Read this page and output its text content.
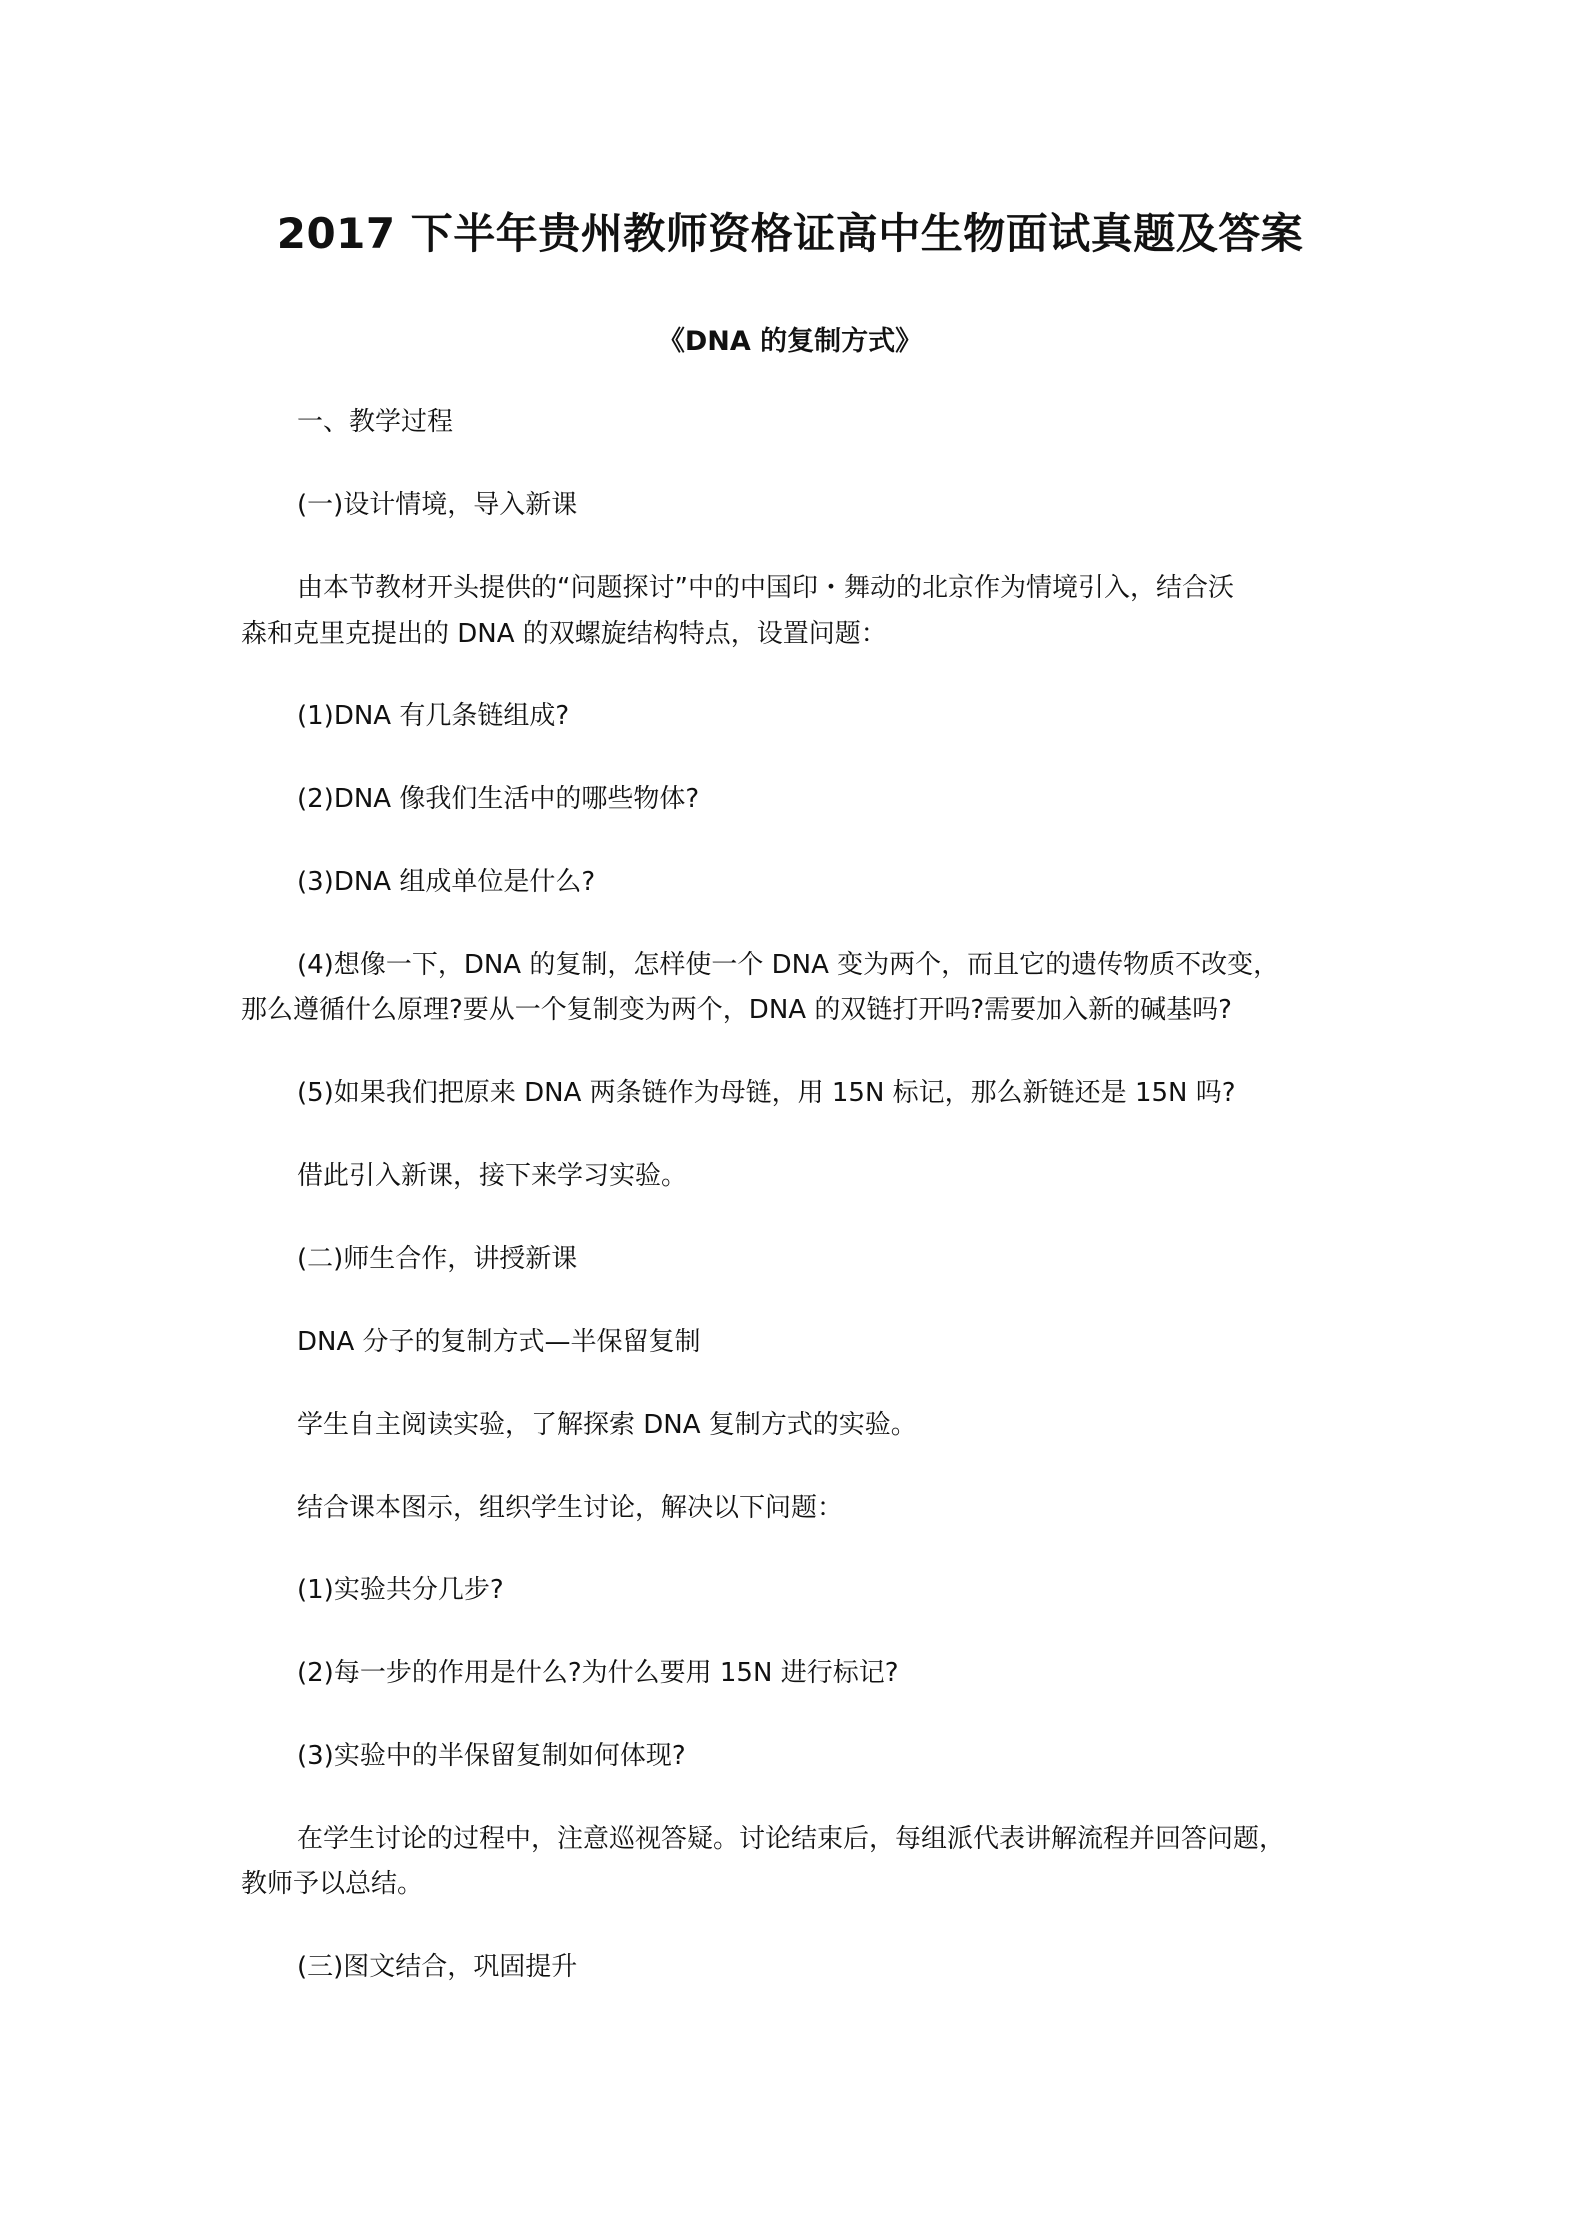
2017 下半年贵州教师资格证高中生物面试真题及答案
《DNA 的复制方式》
一、教学过程
(一)设计情境，导入新课
由本节教材开头提供的“问题探讨”中的中国印・舞动的北京作为情境引入，结合沃
森和克里克提出的 DNA 的双螺旋结构特点，设置问题：
(1)DNA 有几条链组成?
(2)DNA 像我们生活中的哪些物体?
(3)DNA 组成单位是什么?
(4)想像一下，DNA 的复制，怎样使一个 DNA 变为两个，而且它的遗传物质不改变，
那么遵循什么原理?要从一个复制变为两个，DNA 的双链打开吗?需要加入新的碱基吗?
(5)如果我们把原来 DNA 两条链作为母链，用 15N 标记，那么新链还是 15N 吗?
借此引入新课，接下来学习实验。
(二)师生合作，讲授新课
DNA 分子的复制方式—半保留复制
学生自主阅读实验，了解探索 DNA 复制方式的实验。
结合课本图示，组织学生讨论，解决以下问题：
(1)实验共分几步?
(2)每一步的作用是什么?为什么要用 15N 进行标记?
(3)实验中的半保留复制如何体现?
在学生讨论的过程中，注意巡视答疑。讨论结束后，每组派代表讲解流程并回答问题，
教师予以总结。
(三)图文结合，巩固提升
